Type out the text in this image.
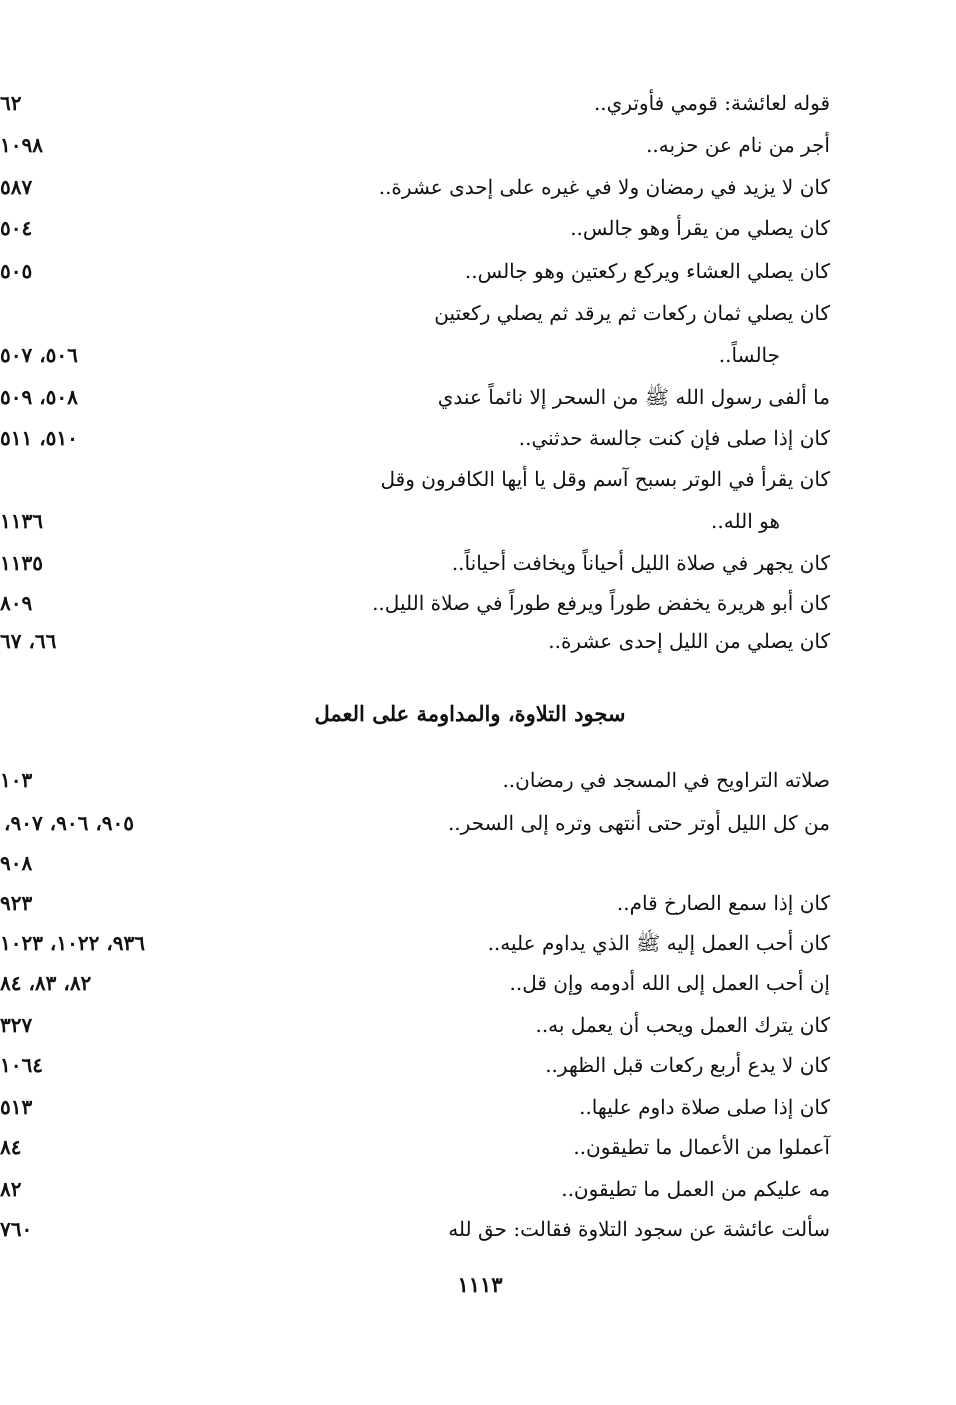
قوله لعائشة: قومي فأوتري..
٦٢
أجر من نام عن حزبه..
١٠٩٨
كان لا يزيد في رمضان ولا في غيره على إحدى عشرة..
٥٨٧
كان يصلي من يقرأ وهو جالس..
٥٠٤
كان يصلي العشاء ويركع ركعتين وهو جالس..
٥٠٥
كان يصلي ثمان ركعات ثم يرقد ثم يصلي ركعتين
جالساً..
٥٠٦، ٥٠٧
ما ألفى رسول الله ﷺ من السحر إلا نائماً عندي
٥٠٨، ٥٠٩
كان إذا صلى فإن كنت جالسة حدثني..
٥١٠، ٥١١
كان يقرأ في الوتر بسبح آسم وقل يا أيها الكافرون وقل
هو الله..
١١٣٦
كان يجهر في صلاة الليل أحياناً ويخافت أحياناً..
١١٣٥
كان أبو هريرة يخفض طوراً ويرفع طوراً في صلاة الليل..
٨٠٩
كان يصلي من الليل إحدى عشرة..
٦٦، ٦٧
سجود التلاوة، والمداومة على العمل
صلاته التراويح في المسجد في رمضان..
١٠٣
من كل الليل أوتر حتى أنتهى وتره إلى السحر..
٩٠٥، ٩٠٦، ٩٠٧،
٩٠٨
كان إذا سمع الصارخ قام..
٩٢٣
كان أحب العمل إليه ﷺ الذي يداوم عليه..
٩٣٦، ١٠٢٢، ١٠٢٣
إن أحب العمل إلى الله أدومه وإن قل..
٨٢، ٨٣، ٨٤
كان يترك العمل ويحب أن يعمل به..
٣٢٧
كان لا يدع أربع ركعات قبل الظهر..
١٠٦٤
كان إذا صلى صلاة داوم عليها..
٥١٣
آعملوا من الأعمال ما تطيقون..
٨٤
مه عليكم من العمل ما تطيقون..
٨٢
سألت عائشة عن سجود التلاوة فقالت: حق لله
٧٦٠
١١١٣
